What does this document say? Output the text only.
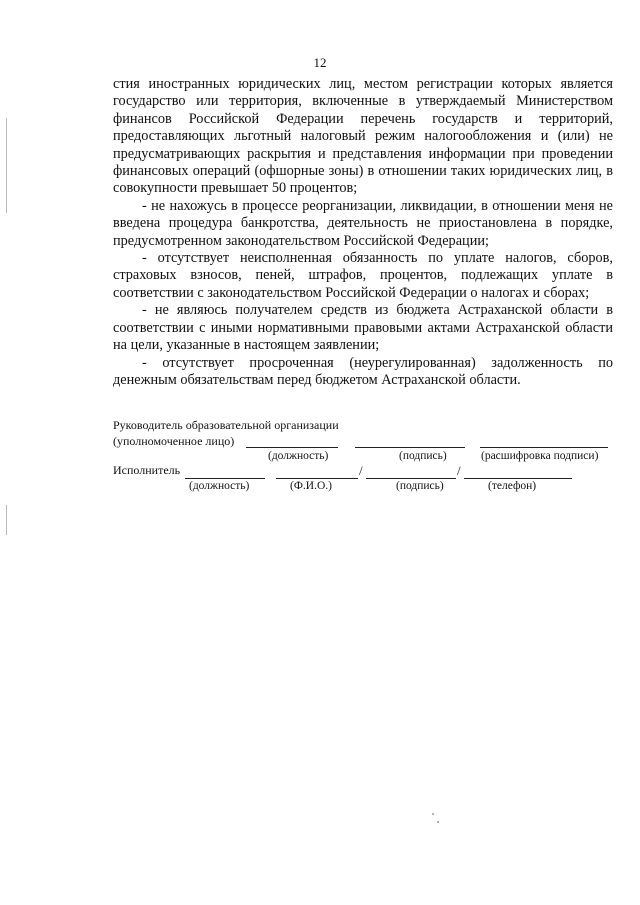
12

стия иностранных юридических лиц, местом регистрации которых является государство или территория, включенные в утверждаемый Министерством финансов Российской Федерации перечень государств и территорий, предоставляющих льготный налоговый режим налогообложения и (или) не предусматривающих раскрытия и представления информации при проведении финансовых операций (офшорные зоны) в отношении таких юридических лиц, в совокупности превышает 50 процентов;

- не нахожусь в процессе реорганизации, ликвидации, в отношении меня не введена процедура банкротства, деятельность не приостановлена в порядке, предусмотренном законодательством Российской Федерации;

- отсутствует неисполненная обязанность по уплате налогов, сборов, страховых взносов, пеней, штрафов, процентов, подлежащих уплате в соответствии с законодательством Российской Федерации о налогах и сборах;

- не являюсь получателем средств из бюджета Астраханской области в соответствии с иными нормативными правовыми актами Астраханской области на цели, указанные в настоящем заявлении;

- отсутствует просроченная (неурегулированная) задолженность по денежным обязательствам перед бюджетом Астраханской области.

Руководитель образовательной организации
(уполномоченное лицо)
(должность)	(подпись)	(расшифровка подписи)
Исполнитель	/	/
(должность)	(Ф.И.О.)	(подпись)	(телефон)
